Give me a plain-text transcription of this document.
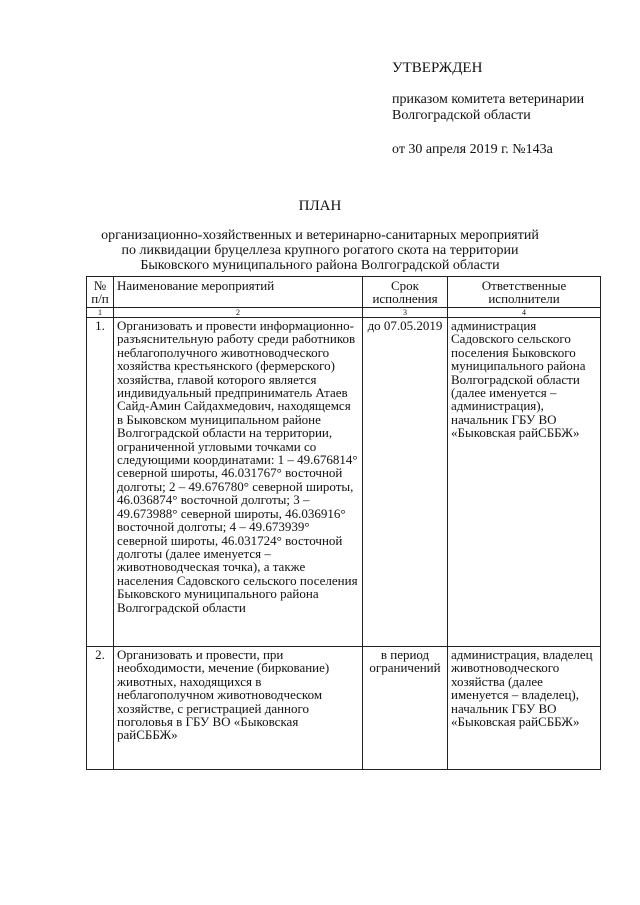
УТВЕРЖДЕН
приказом комитета ветеринарии
Волгоградской области
от 30 апреля 2019 г. №143а
ПЛАН
организационно-хозяйственных и ветеринарно-санитарных мероприятий
по ликвидации бруцеллеза крупного рогатого скота на территории
Быковского муниципального района Волгоградской области
№ п/п	Наименование мероприятий	Срок исполнения	Ответственные исполнители
1	2	3	4
1.	Организовать и провести информационно-разъяснительную работу среди работников неблагополучного животноводческого хозяйства крестьянского (фермерского) хозяйства, главой которого является индивидуальный предприниматель Атаев Сайд-Амин Сайдахмедович, находящемся в Быковском муниципальном районе Волгоградской области на территории, ограниченной угловыми точками со следующими координатами: 1 – 49.676814° северной широты, 46.031767° восточной долготы; 2 – 49.676780° северной широты, 46.036874° восточной долготы; 3 – 49.673988° северной широты, 46.036916° восточной долготы; 4 – 49.673939° северной широты, 46.031724° восточной долготы (далее именуется – животноводческая точка), а также населения Садовского сельского поселения Быковского муниципального района Волгоградской области	до 07.05.2019	администрация Садовского сельского поселения Быковского муниципального района Волгоградской области (далее именуется – администрация), начальник ГБУ ВО «Быковская райСББЖ»
2.	Организовать и провести, при необходимости, мечение (биркование) животных, находящихся в неблагополучном животноводческом хозяйстве, с регистрацией данного поголовья в ГБУ ВО «Быковская райСББЖ»	в период ограничений	администрация, владелец животноводческого хозяйства (далее именуется – владелец), начальник ГБУ ВО «Быковская райСББЖ»
